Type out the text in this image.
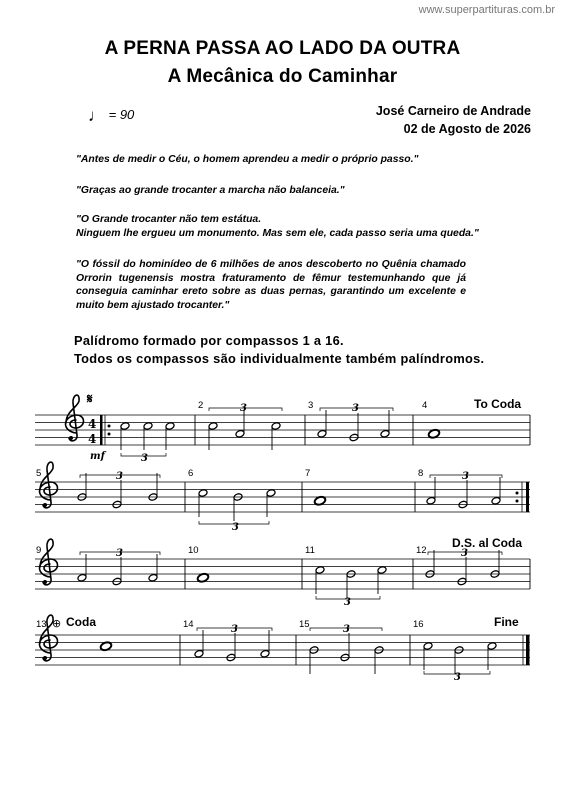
www.superpartituras.com.br
A PERNA PASSA AO LADO DA OUTRA
A Mecânica do Caminhar
♩ = 90	José Carneiro de Andrade
02 de Agosto de 2026
"Antes de medir o Céu, o homem aprendeu a medir o próprio passo."
"Graças ao grande trocanter a marcha não balanceia."
"O Grande trocanter não tem estátua.
Ninguem lhe ergueu um monumento. Mas sem ele, cada passo seria uma queda."
"O fóssil do hominídeo de 6 milhões de anos descoberto no Quênia chamado Orrorin tugenensis mostra fraturamento de fêmur testemunhando que já conseguia caminhar ereto sobre as duas pernas, garantindo um excelente e muito bem ajustado trocanter."
Palídromo formado por compassos 1 a 16.
Todos os compassos são individualmente também palíndromos.
𝄋
4
4
mf	3
2	3	3	3	4	To Coda
5	3	6
3
7	8	3
9	3	10	11
3
12
D.S. al Coda
3
13 ⊕ Coda	Fine
14	3	15	3	16
3
